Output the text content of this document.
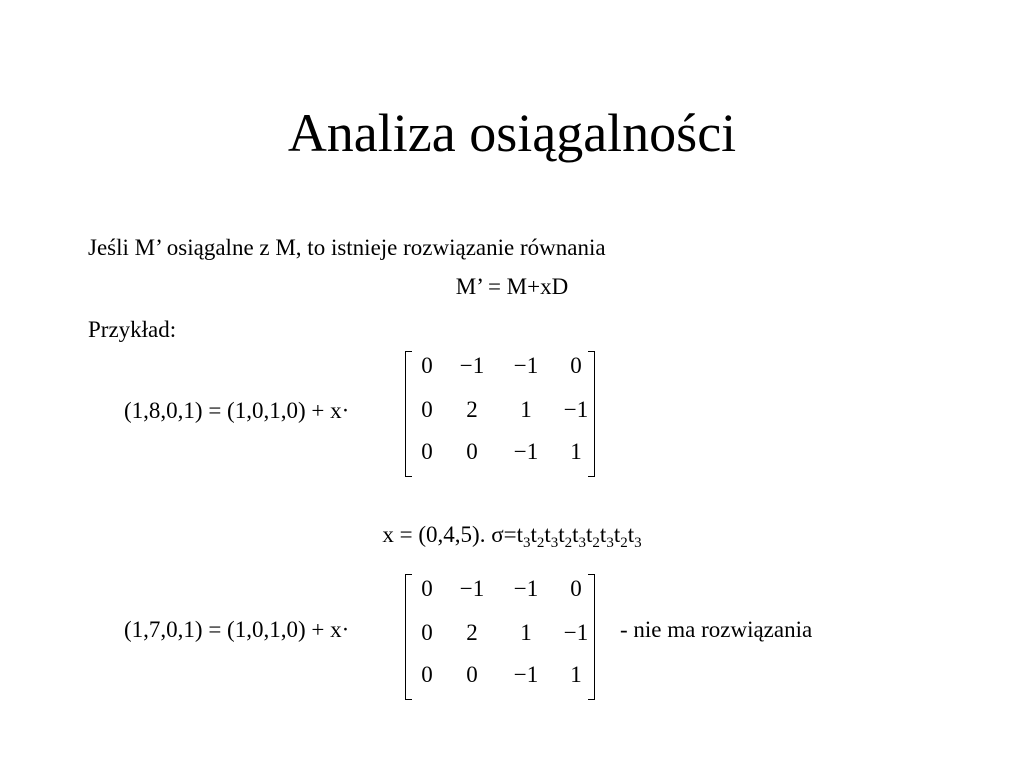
Analiza osiągalności
Jeśli M’ osiągalne z M, to istnieje rozwiązanie równania
M’ = M+xD
Przykład:
(1,8,0,1) = (1,0,1,0) + x·
0	−1	−1	0
0	2	1	−1
0	0	−1	1
x = (0,4,5). $\sigma=t_3t_2t_3t_2t_3t_2t_3t_2t_3$
(1,7,0,1) = (1,0,1,0) + x·
0	−1	−1	0
0	2	1	−1
0	0	−1	1
- nie ma rozwiązania
